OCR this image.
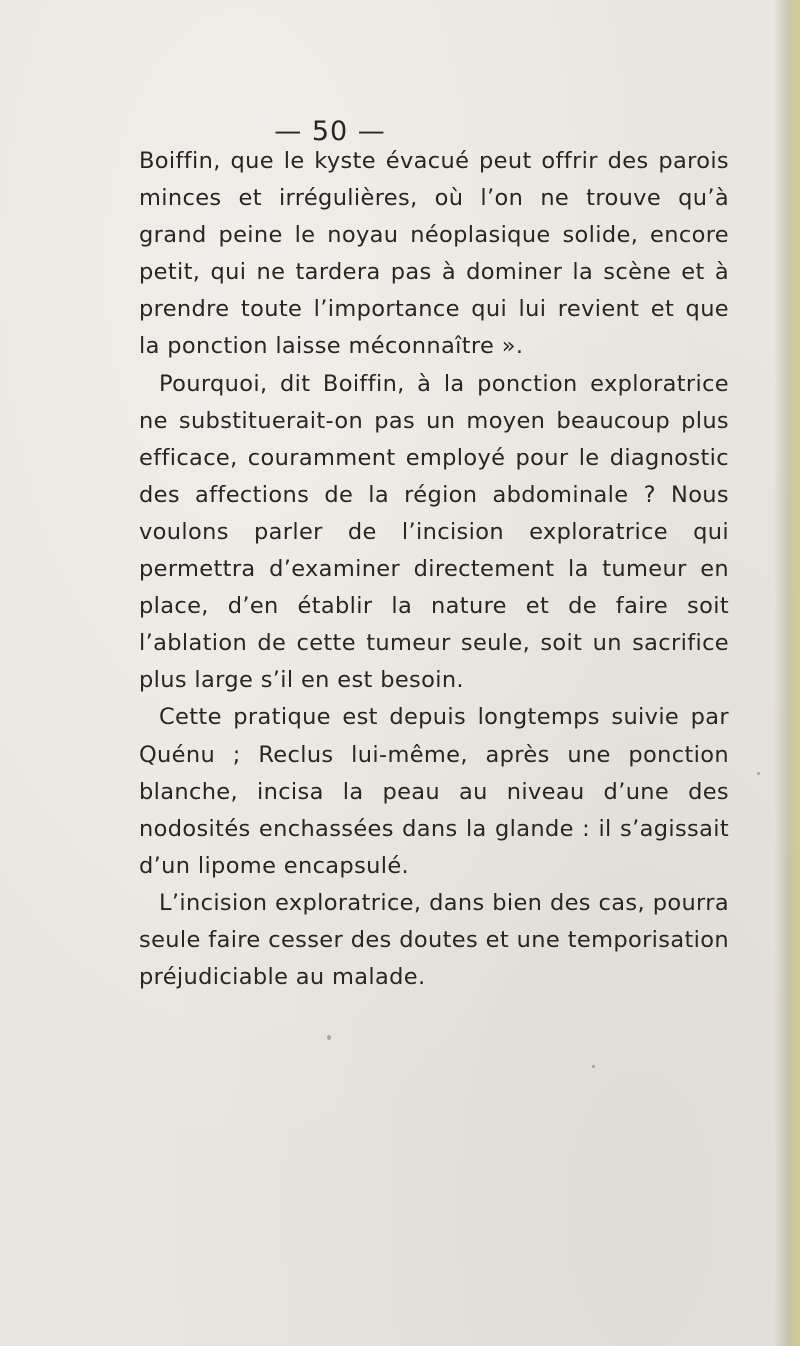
— 50 —

Boiffin, que le kyste évacué peut offrir des parois minces et irrégulières, où l’on ne trouve qu’à grand peine le noyau néoplasique solide, encore petit, qui ne tardera pas à dominer la scène et à prendre toute l’importance qui lui revient et que la ponction laisse méconnaître ».

Pourquoi, dit Boiffin, à la ponction exploratrice ne substituerait-on pas un moyen beaucoup plus efficace, couramment employé pour le diagnostic des affections de la région abdominale ? Nous voulons parler de l’incision exploratrice qui permettra d’examiner directement la tumeur en place, d’en établir la nature et de faire soit l’ablation de cette tumeur seule, soit un sacrifice plus large s’il en est besoin.

Cette pratique est depuis longtemps suivie par Quénu ; Reclus lui-même, après une ponction blanche, incisa la peau au niveau d’une des nodosités enchassées dans la glande : il s’agissait d’un lipome encapsulé.

L’incision exploratrice, dans bien des cas, pourra seule faire cesser des doutes et une temporisation préjudiciable au malade.
